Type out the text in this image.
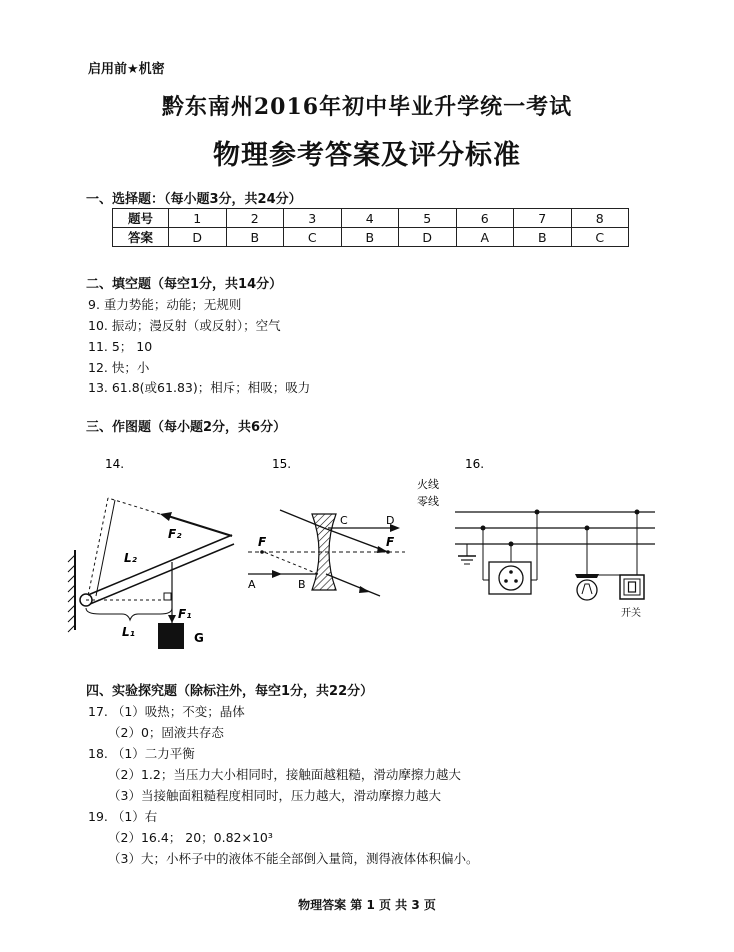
启用前★机密
黔东南州2016年初中毕业升学统一考试
物理参考答案及评分标准
一、选择题：（每小题3分，共24分）
题号	1	2	3	4	5	6	7	8
答案	D	B	C	B	D	A	B	C
二、填空题（每空1分，共14分）
9. 重力势能；动能；无规则
10. 振动；漫反射（或反射）；空气
11. 5； 10
12. 快；小
13. 61.8(或61.83)；相斥；相吸；吸力
三、作图题（每小题2分，共6分）
14.
F₂
L₂
F₁
G
L₁
15.
F	F
C	D
A	B
16.
火线
零线
开关
四、实验探究题（除标注外，每空1分，共22分）
17. （1）吸热；不变；晶体
（2）0；固液共存态
18. （1）二力平衡
（2）1.2；当压力大小相同时，接触面越粗糙，滑动摩擦力越大
（3）当接触面粗糙程度相同时，压力越大，滑动摩擦力越大
19. （1）右
（2）16.4； 20；0.82×10³
（3）大；小杯子中的液体不能全部倒入量筒，测得液体体积偏小。
物理答案 第 1 页 共 3 页
